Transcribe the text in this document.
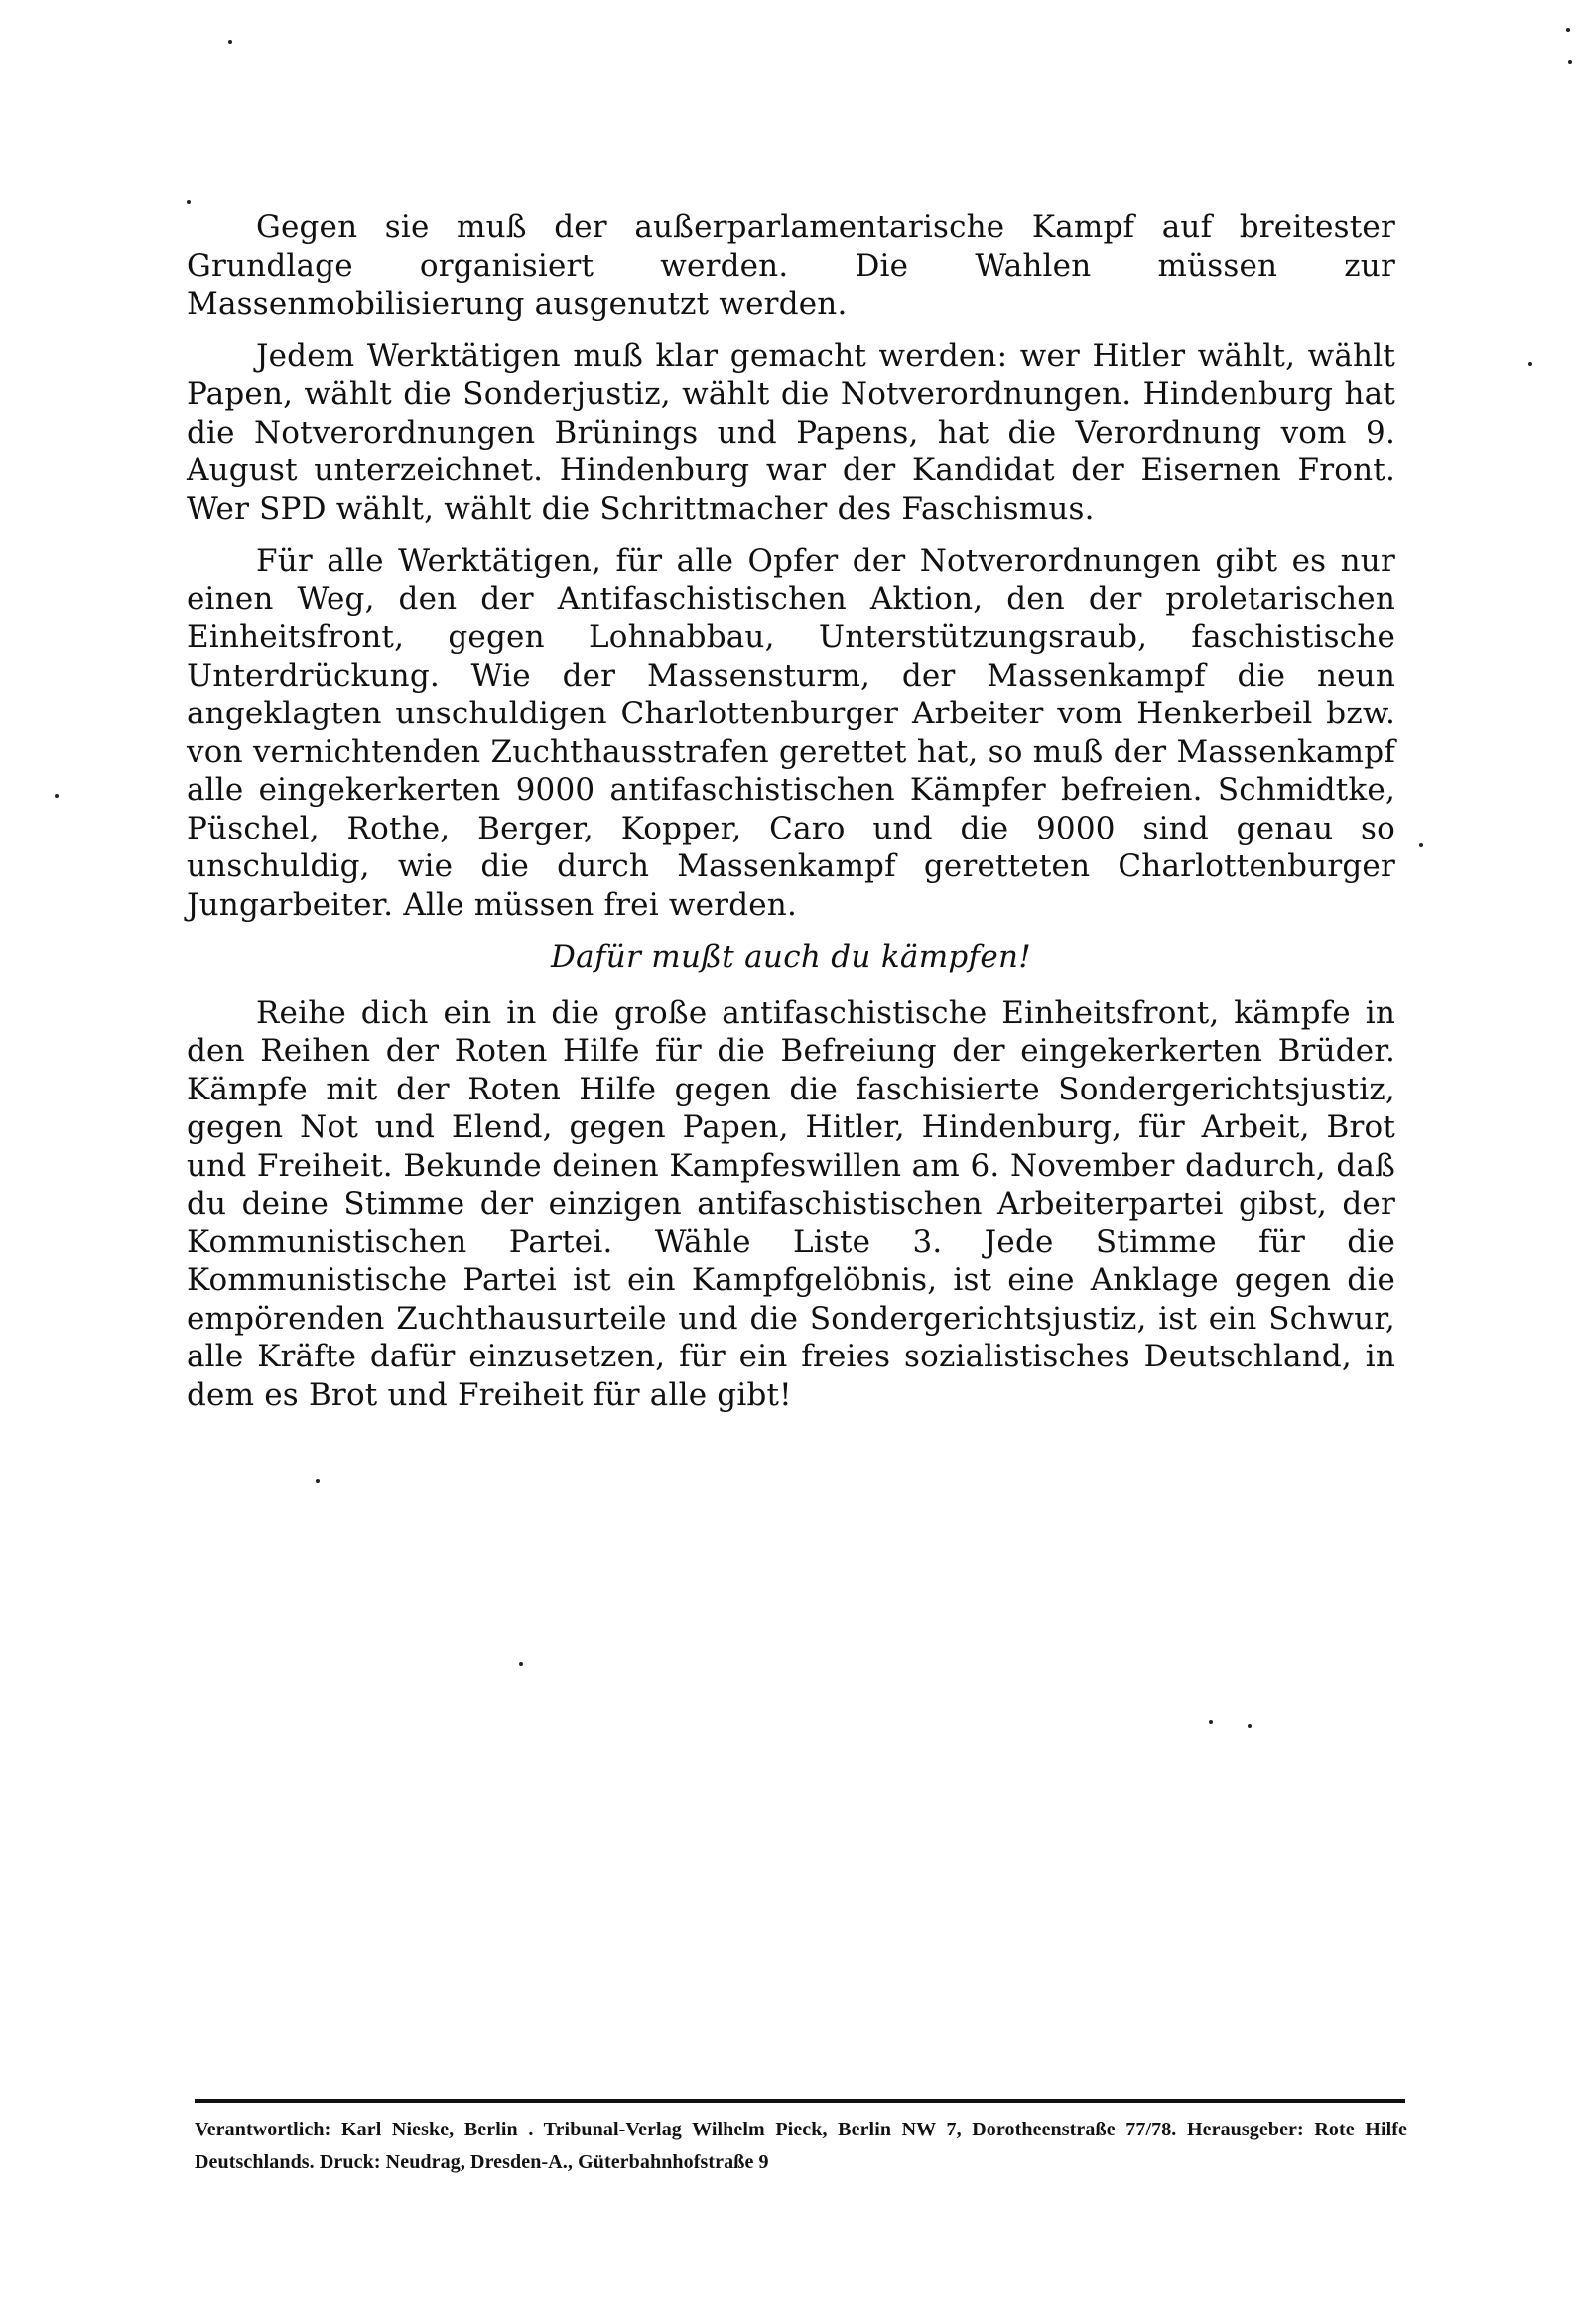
Gegen sie muß der außerparlamentarische Kampf auf breitester Grundlage organisiert werden. Die Wahlen müssen zur Massenmobilisierung ausgenutzt werden.

Jedem Werktätigen muß klar gemacht werden: wer Hitler wählt, wählt Papen, wählt die Sonderjustiz, wählt die Notverordnungen. Hindenburg hat die Notverordnungen Brünings und Papens, hat die Verordnung vom 9. August unterzeichnet. Hindenburg war der Kandidat der Eisernen Front. Wer SPD wählt, wählt die Schrittmacher des Faschismus.

Für alle Werktätigen, für alle Opfer der Notverordnungen gibt es nur einen Weg, den der Antifaschistischen Aktion, den der proletarischen Einheitsfront, gegen Lohnabbau, Unterstützungsraub, faschistische Unterdrückung. Wie der Massensturm, der Massenkampf die neun angeklagten unschuldigen Charlottenburger Arbeiter vom Henkerbeil bzw. von vernichtenden Zuchthausstrafen gerettet hat, so muß der Massenkampf alle eingekerkerten 9000 antifaschistischen Kämpfer befreien. Schmidtke, Püschel, Rothe, Berger, Kopper, Caro und die 9000 sind genau so unschuldig, wie die durch Massenkampf geretteten Charlottenburger Jungarbeiter. Alle müssen frei werden.

Dafür mußt auch du kämpfen!

Reihe dich ein in die große antifaschistische Einheitsfront, kämpfe in den Reihen der Roten Hilfe für die Befreiung der eingekerkerten Brüder. Kämpfe mit der Roten Hilfe gegen die faschisierte Sondergerichtsjustiz, gegen Not und Elend, gegen Papen, Hitler, Hindenburg, für Arbeit, Brot und Freiheit. Bekunde deinen Kampfeswillen am 6. November dadurch, daß du deine Stimme der einzigen antifaschistischen Arbeiterpartei gibst, der Kommunistischen Partei. Wähle Liste 3. Jede Stimme für die Kommunistische Partei ist ein Kampfgelöbnis, ist eine Anklage gegen die empörenden Zuchthausurteile und die Sondergerichtsjustiz, ist ein Schwur, alle Kräfte dafür einzusetzen, für ein freies sozialistisches Deutschland, in dem es Brot und Freiheit für alle gibt!

Verantwortlich: Karl Nieske, Berlin . Tribunal-Verlag Wilhelm Pieck, Berlin NW 7, Dorotheenstraße 77/78. Herausgeber: Rote Hilfe Deutschlands. Druck: Neudrag, Dresden-A., Güterbahnhofstraße 9
